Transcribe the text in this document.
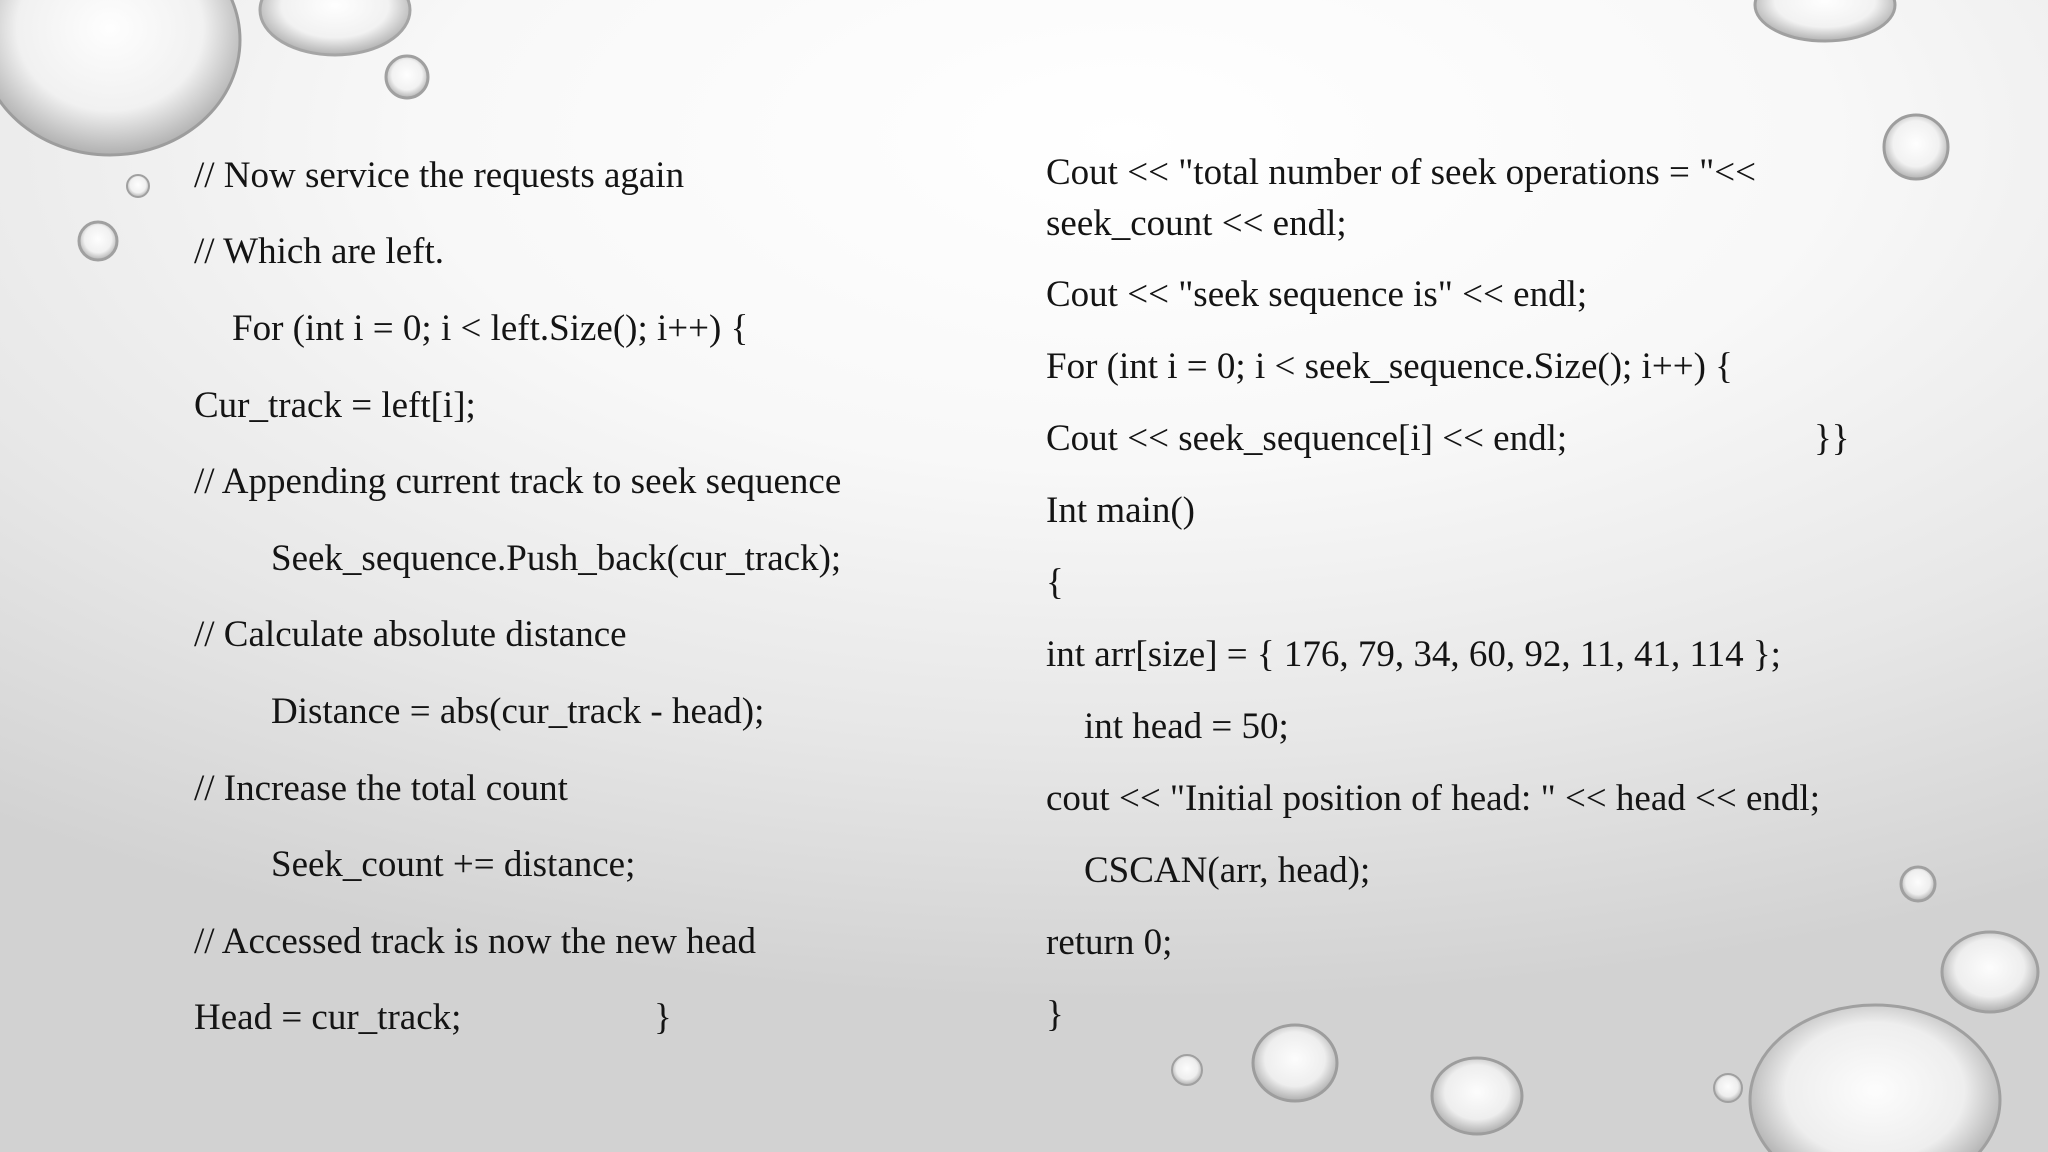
// Now service the requests again
// Which are left.
For (int i = 0; i < left.Size(); i++) {
Cur_track = left[i];
// Appending current track to seek sequence
Seek_sequence.Push_back(cur_track);
// Calculate absolute distance
Distance = abs(cur_track - head);
// Increase the total count
Seek_count += distance;
// Accessed track is now the new head
Head = cur_track;	}
Cout << "total number of seek operations = "<<
seek_count << endl;
Cout << "seek sequence is" << endl;
For (int i = 0; i < seek_sequence.Size(); i++) {
Cout << seek_sequence[i] << endl;	}}
Int main()
{
int arr[size] = { 176, 79, 34, 60, 92, 11, 41, 114 };
int head = 50;
cout << "Initial position of head: " << head << endl;
CSCAN(arr, head);
return 0;
}
